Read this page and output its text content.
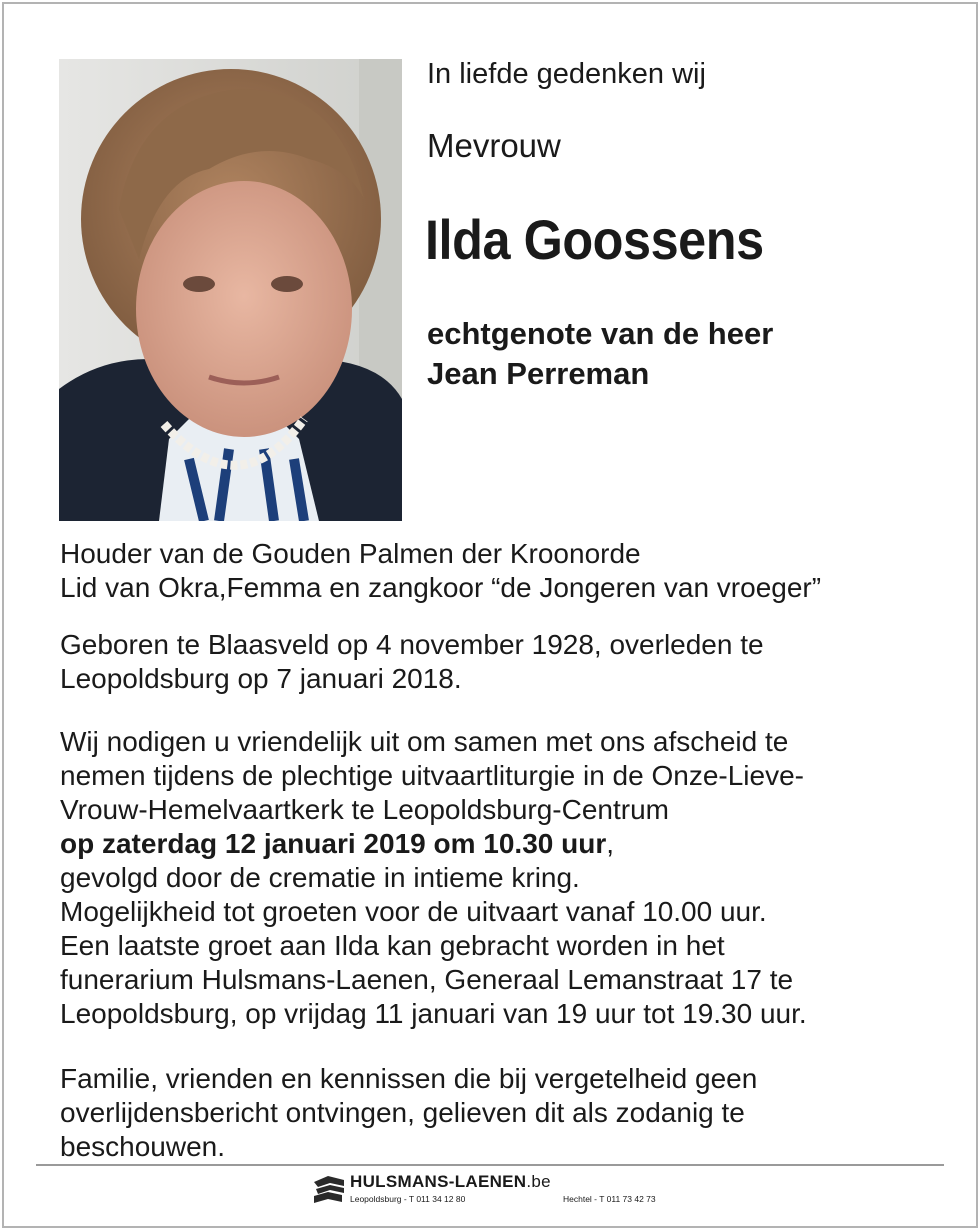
In liefde gedenken wij
Mevrouw
Ilda Goossens
echtgenote van de heer
Jean Perreman
Houder van de Gouden Palmen der Kroonorde
Lid van Okra,Femma en zangkoor “de Jongeren van vroeger”
Geboren te Blaasveld op 4 november 1928, overleden te
Leopoldsburg op 7 januari 2018.
Wij nodigen u vriendelijk uit om samen met ons afscheid te
nemen tijdens de plechtige uitvaartliturgie in de Onze-Lieve-
Vrouw-Hemelvaartkerk te Leopoldsburg-Centrum
op zaterdag 12 januari 2019 om 10.30 uur,
gevolgd door de crematie in intieme kring.
Mogelijkheid tot groeten voor de uitvaart vanaf 10.00 uur.
Een laatste groet aan Ilda kan gebracht worden in het
funerarium Hulsmans-Laenen, Generaal Lemanstraat 17 te
Leopoldsburg, op vrijdag 11 januari van 19 uur tot 19.30 uur.
Familie, vrienden en kennissen die bij vergetelheid geen
overlijdensbericht ontvingen, gelieven dit als zodanig te
beschouwen.
HULSMANS-LAENEN.be
Leopoldsburg - T 011 34 12 80	Hechtel - T 011 73 42 73
